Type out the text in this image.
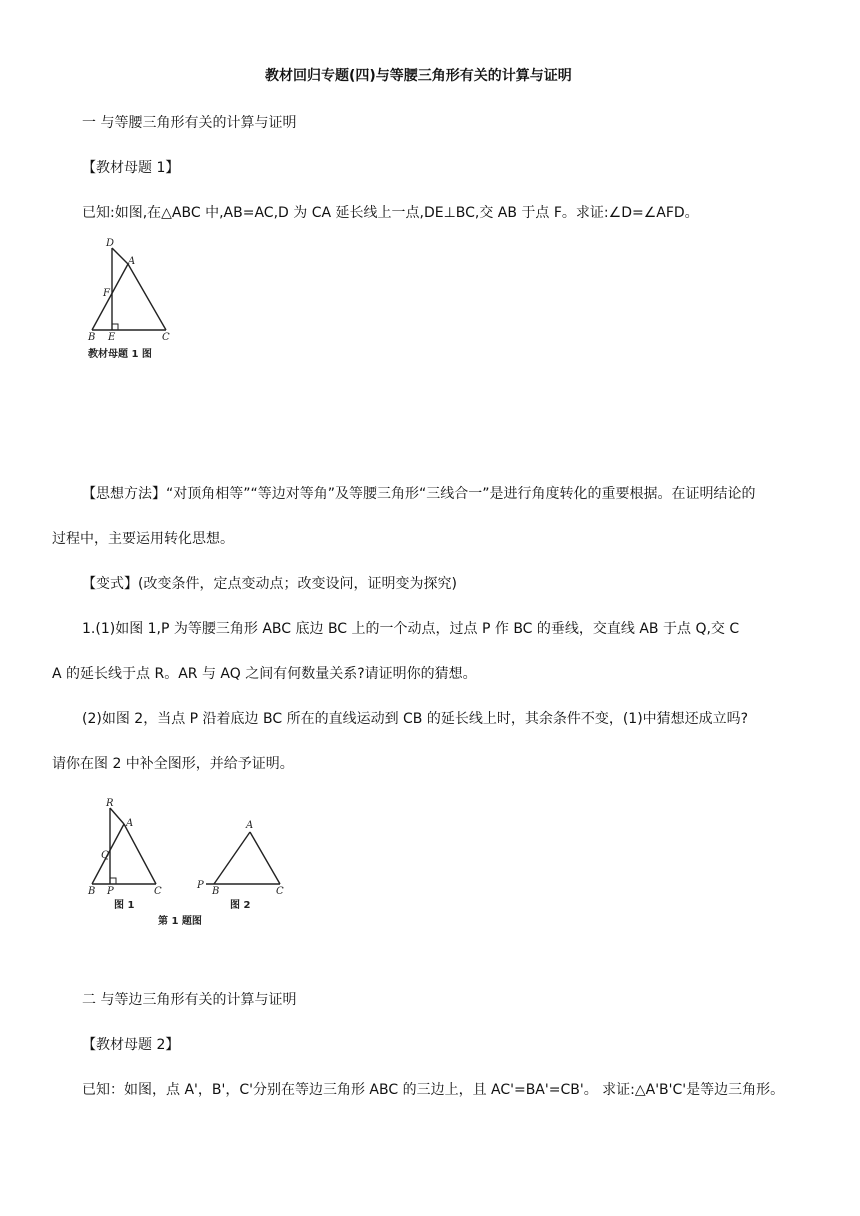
教材回归专题(四)与等腰三角形有关的计算与证明
一 与等腰三角形有关的计算与证明
【教材母题 1】
已知:如图,在△ABC 中,AB=AC,D 为 CA 延长线上一点,DE⊥BC,交 AB 于点 F。求证:∠D=∠AFD。
D
A
F
B E	C
教材母题 1 图
【思想方法】“对顶角相等”“等边对等角”及等腰三角形“三线合一”是进行角度转化的重要根据。在证明结论的
过程中，主要运用转化思想。
【变式】(改变条件，定点变动点；改变设问，证明变为探究)
1.(1)如图 1,P 为等腰三角形 ABC 底边 BC 上的一个动点，过点 P 作 BC 的垂线，交直线 AB 于点 Q,交 C
A 的延长线于点 R。AR 与 AQ 之间有何数量关系?请证明你的猜想。
(2)如图 2，当点 P 沿着底边 BC 所在的直线运动到 CB 的延长线上时，其余条件不变，(1)中猜想还成立吗?
请你在图 2 中补全图形，并给予证明。
R
A
Q
B P	C
图 1
A
P
B	C
图 2
第 1 题图
二 与等边三角形有关的计算与证明
【教材母题 2】
已知：如图，点 A'，B'，C'分别在等边三角形 ABC 的三边上，且 AC'=BA'=CB'。 求证:△A'B'C'是等边三角形。
